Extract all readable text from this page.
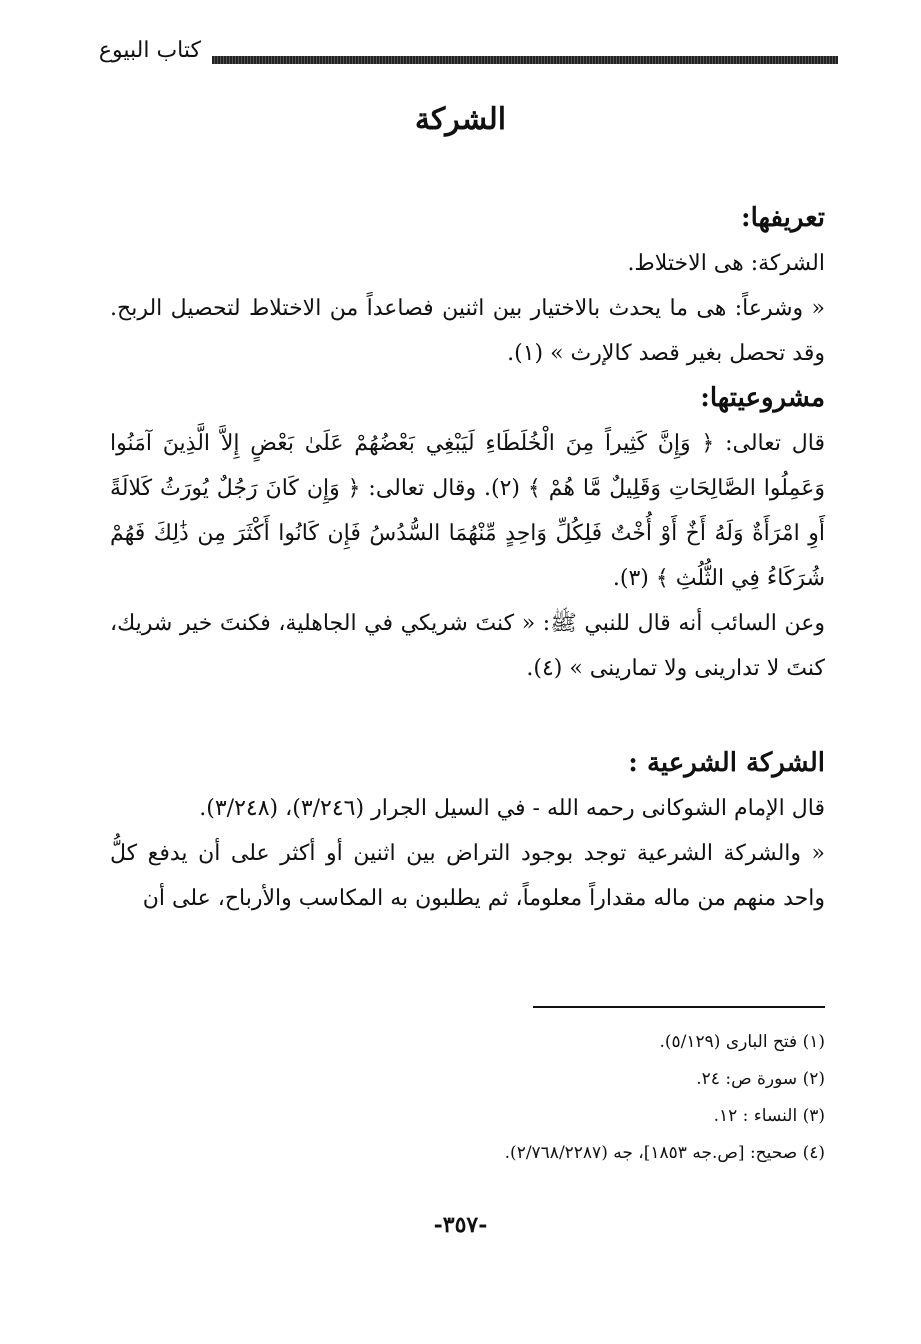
كتاب البيوع
الشركة

تعريفها:

الشركة: هى الاختلاط.

« وشرعاً: هى ما يحدث بالاختيار بين اثنين فصاعداً من الاختلاط لتحصيل الربح. وقد تحصل بغير قصد كالإرث » (١).

مشروعيتها:

قال تعالى: ﴿ وَإِنَّ كَثِيراً مِنَ الْخُلَطَاءِ لَيَبْغِي بَعْضُهُمْ عَلَىٰ بَعْضٍ إِلاَّ الَّذِينَ آمَنُوا وَعَمِلُوا الصَّالِحَاتِ وَقَلِيلٌ مَّا هُمْ ﴾ (٢). وقال تعالى: ﴿ وَإِن كَانَ رَجُلٌ يُورَثُ كَلالَةً أَوِ امْرَأَةٌ وَلَهُ أَخٌ أَوْ أُخْتٌ فَلِكُلِّ وَاحِدٍ مِّنْهُمَا السُّدُسُ فَإِن كَانُوا أَكْثَرَ مِن ذَٰلِكَ فَهُمْ شُرَكَاءُ فِي الثُّلُثِ ﴾ (٣).

وعن السائب أنه قال للنبي ﷺ: « كنتَ شريكي في الجاهلية، فكنتَ خير شريك، كنتَ لا تدارينى ولا تمارينى » (٤).

الشركة الشرعية :

قال الإمام الشوكانى رحمه الله - في السيل الجرار (٣/٢٤٦)، (٣/٢٤٨).

« والشركة الشرعية توجد بوجود التراض بين اثنين أو أكثر على أن يدفع كلُّ واحد منهم من ماله مقداراً معلوماً، ثم يطلبون به المكاسب والأرباح، على أن

(١) فتح البارى (٥/١٢٩).

(٢) سورة ص: ٢٤.

(٣) النساء : ١٢.

(٤) صحيح: [ص.جه ١٨٥٣]، جه (٢/٧٦٨/٢٢٨٧).

-٣٥٧-
